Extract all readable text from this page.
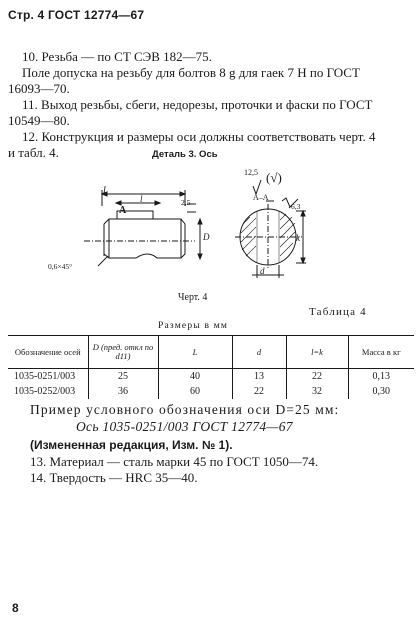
Стр. 4 ГОСТ 12774—67
10. Резьба — по СТ СЭВ 182—75.
Поле допуска на резьбу для болтов 8 g для гаек 7 H по ГОСТ
16093—70.
11. Выход резьбы, сбеги, недорезы, проточки и фаски по ГОСТ
10549—80.
12. Конструкция и размеры оси должны соответствовать черт. 4
и табл. 4.	Деталь 3. Ось
L
l
А
2,5
D
0,6×45°
12,5 (√)
А–А
6,3
k
d
Черт. 4
Таблица 4
Размеры в мм
Обозначение осей	D (пред. откл по d11)	L	d	l=k	Масса в кг
1035-0251/003	25	40	13	22	0,13
1035-0252/003	36	60	22	32	0,30
Пример условного обозначения оси D=25 мм:
Ось 1035-0251/003 ГОСТ 12774—67
(Измененная редакция, Изм. № 1).
13. Материал — сталь марки 45 по ГОСТ 1050—74.
14. Твердость — HRC 35—40.
8
